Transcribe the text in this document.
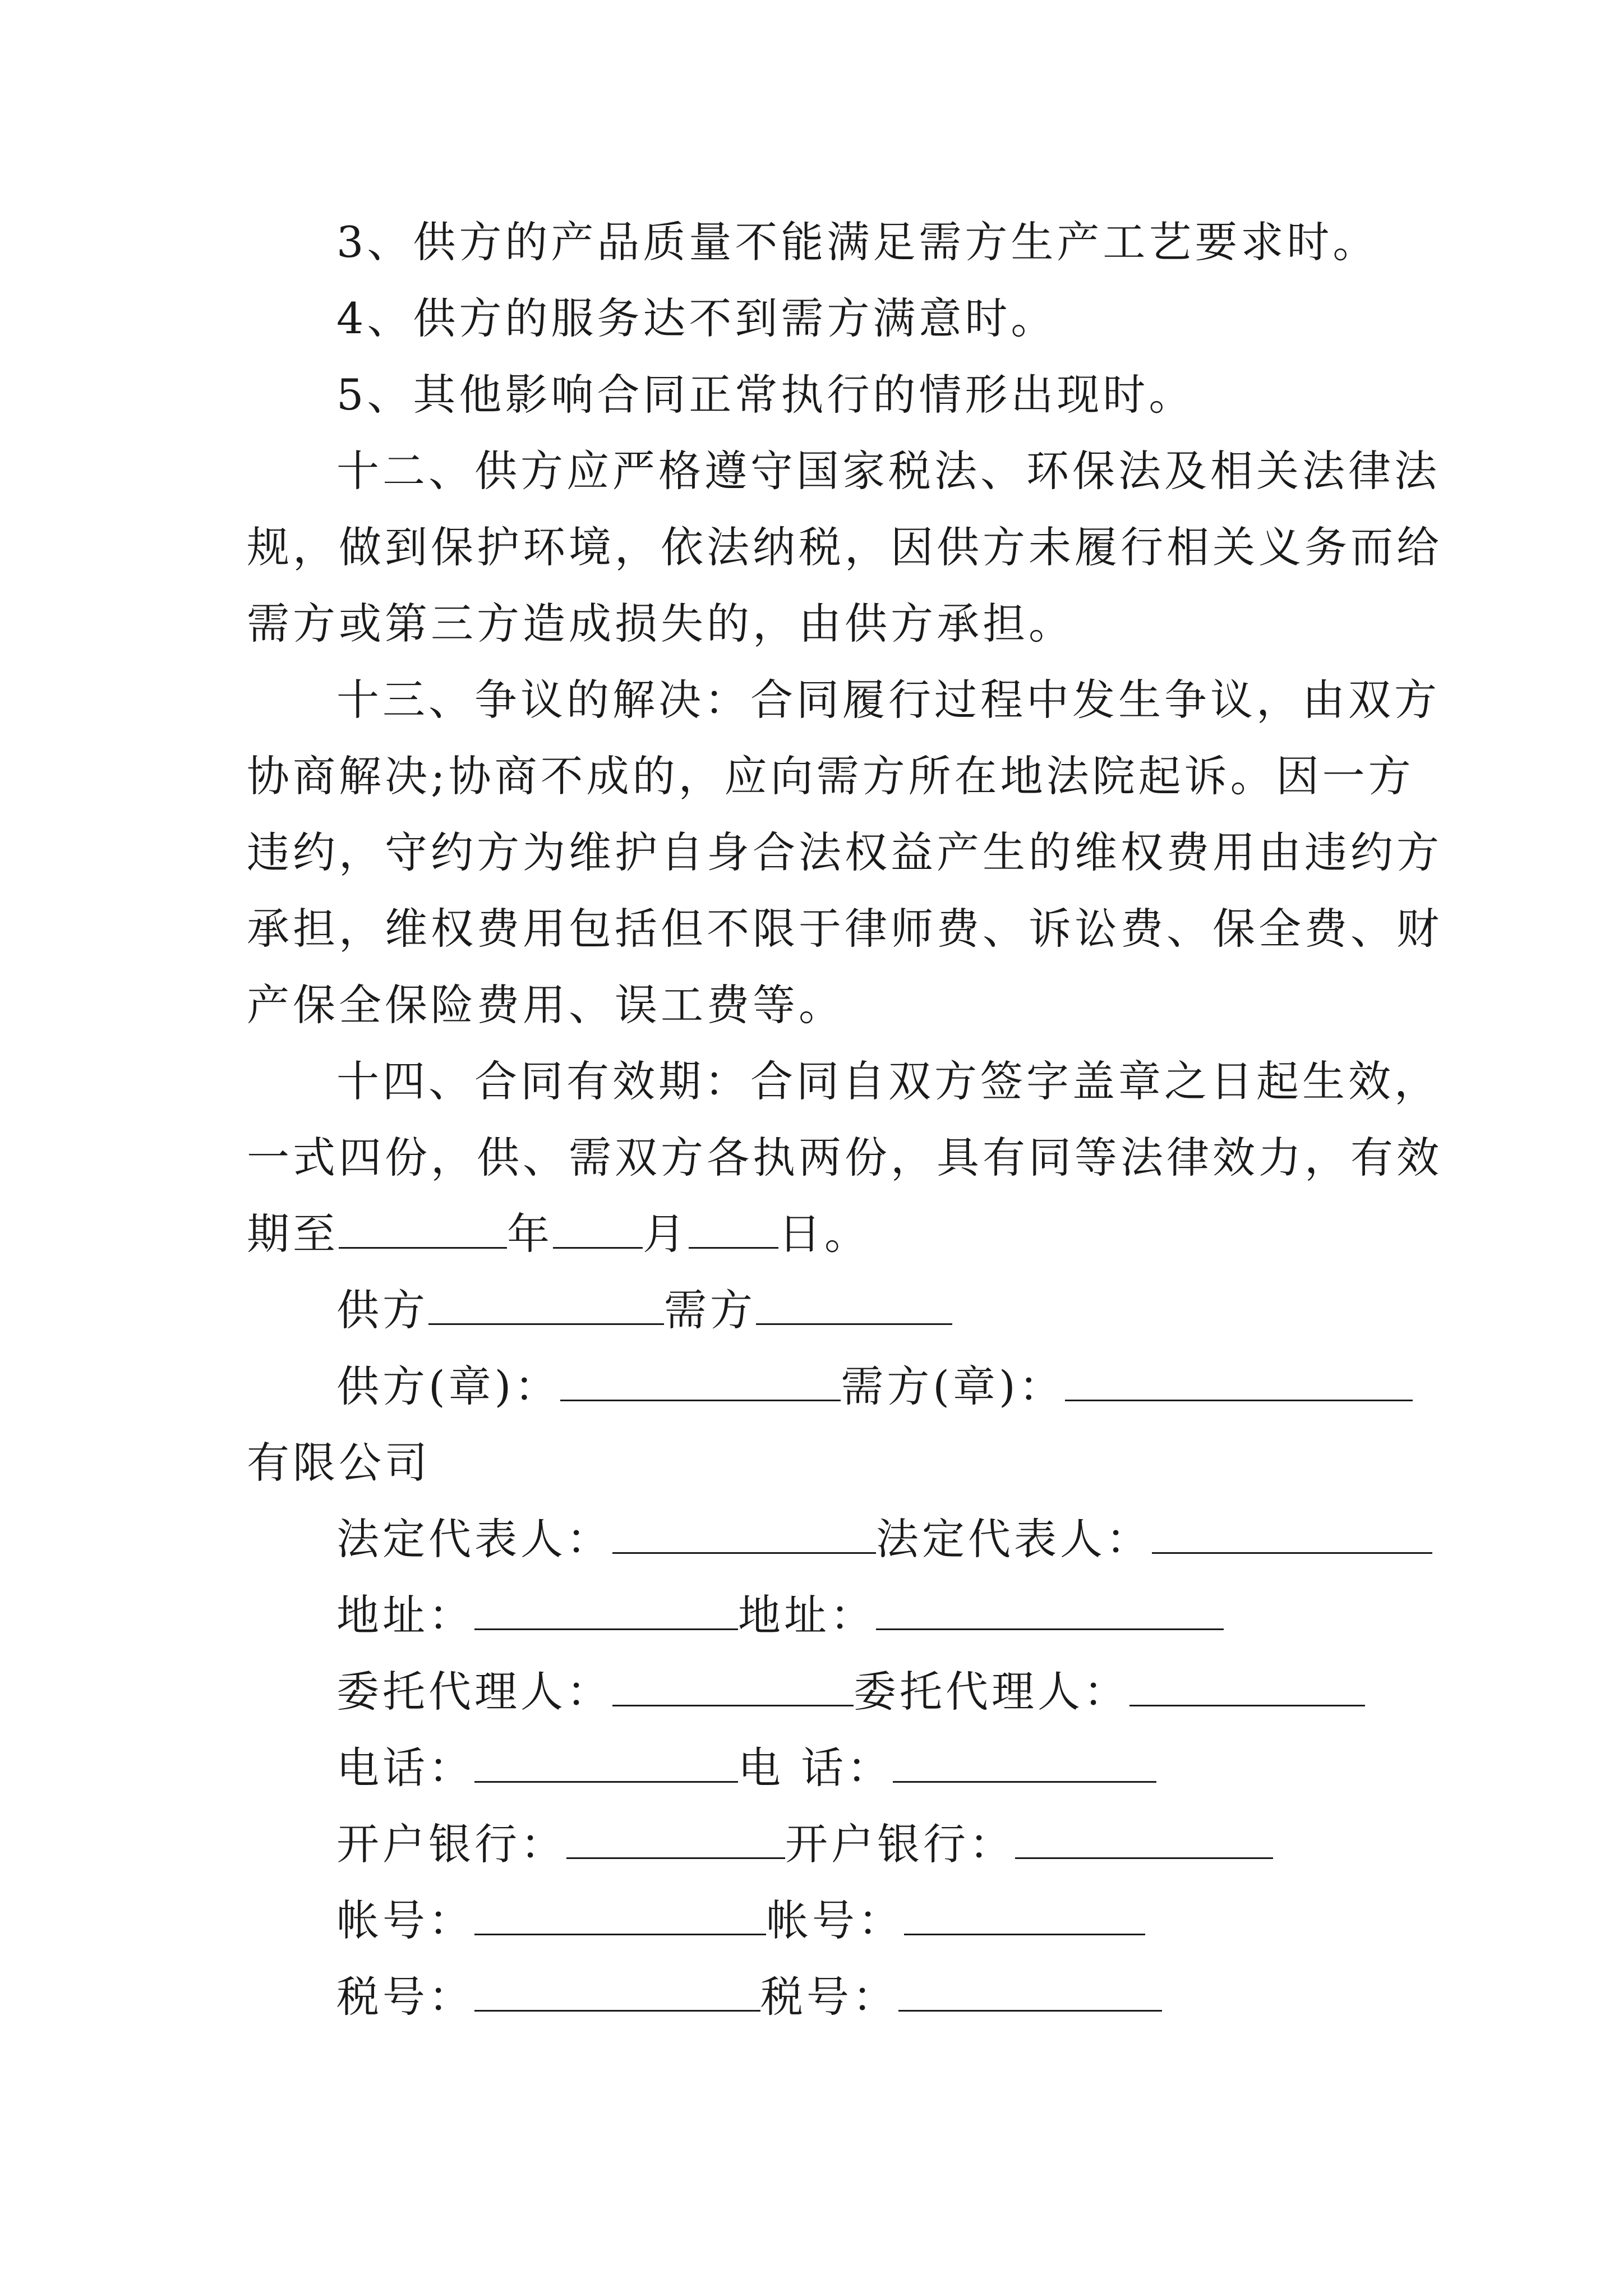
3、供方的产品质量不能满足需方生产工艺要求时。
4、供方的服务达不到需方满意时。
5、其他影响合同正常执行的情形出现时。
十二、供方应严格遵守国家税法、环保法及相关法律法
规，做到保护环境，依法纳税，因供方未履行相关义务而给
需方或第三方造成损失的，由供方承担。
十三、争议的解决：合同履行过程中发生争议，由双方
协商解决;协商不成的，应向需方所在地法院起诉。因一方
违约，守约方为维护自身合法权益产生的维权费用由违约方
承担，维权费用包括但不限于律师费、诉讼费、保全费、财
产保全保险费用、误工费等。
十四、合同有效期：合同自双方签字盖章之日起生效，
一式四份，供、需双方各执两份，具有同等法律效力，有效
期至	年 月 日。
供方	需方
供方(章)：	需方(章)：
有限公司
法定代表人：	法定代表人：
地址：	地址：
委托代理人：	委托代理人：
电话：	电 话：
开户银行：	开户银行：
帐号：	帐号：
税号：	税号：
